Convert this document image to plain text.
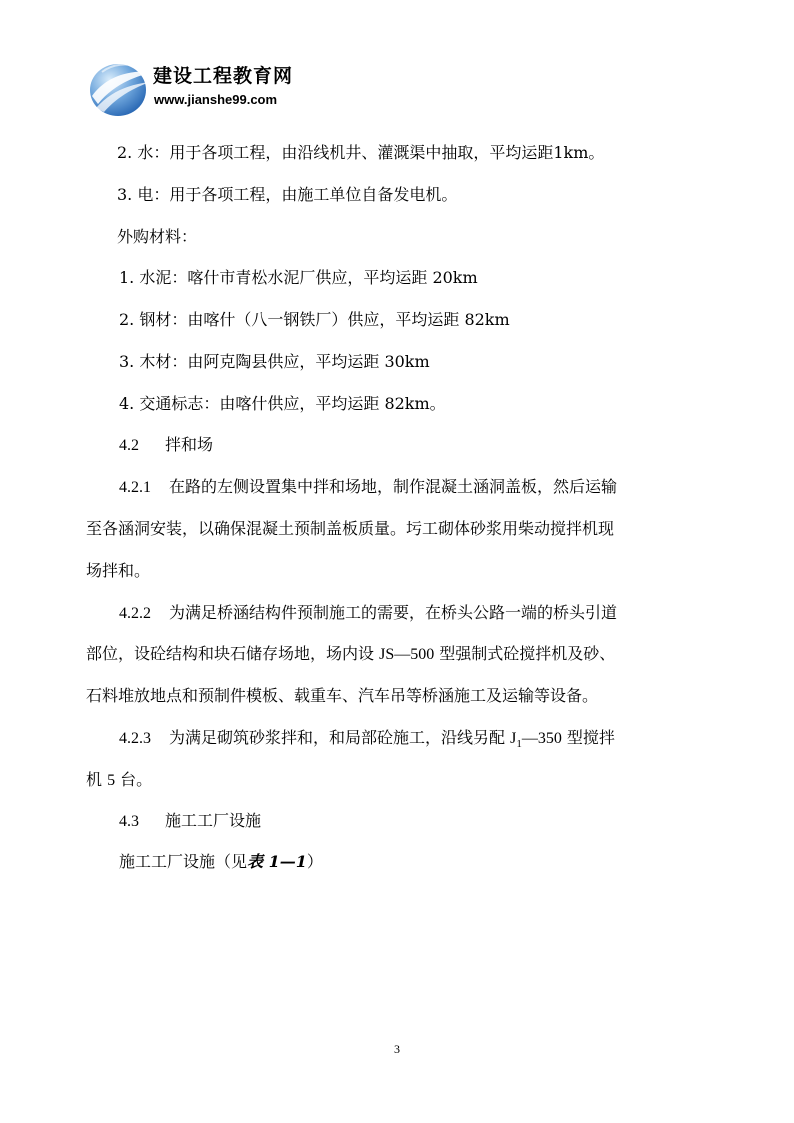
建设工程教育网

www.jianshe99.com

2. 水：用于各项工程，由沿线机井、灌溉渠中抽取，平均运距1km。

3. 电：用于各项工程，由施工单位自备发电机。

外购材料：

1. 水泥：喀什市青松水泥厂供应，平均运距 20km

2. 钢材：由喀什（八一钢铁厂）供应，平均运距 82km

3. 木材：由阿克陶县供应，平均运距 30km

4. 交通标志：由喀什供应，平均运距 82km。

4.2 拌和场

4.2.1 在路的左侧设置集中拌和场地，制作混凝土涵洞盖板，然后运输

至各涵洞安装，以确保混凝土预制盖板质量。圬工砌体砂浆用柴动搅拌机现

场拌和。

4.2.2 为满足桥涵结构件预制施工的需要，在桥头公路一端的桥头引道

部位，设砼结构和块石储存场地，场内设 JS—500 型强制式砼搅拌机及砂、

石料堆放地点和预制件模板、载重车、汽车吊等桥涵施工及运输等设备。

4.2.3 为满足砌筑砂浆拌和，和局部砼施工，沿线另配 $J_1—350$ 型搅拌

机 5 台。

4.3 施工工厂设施

施工工厂设施（见表 1—1）

3
